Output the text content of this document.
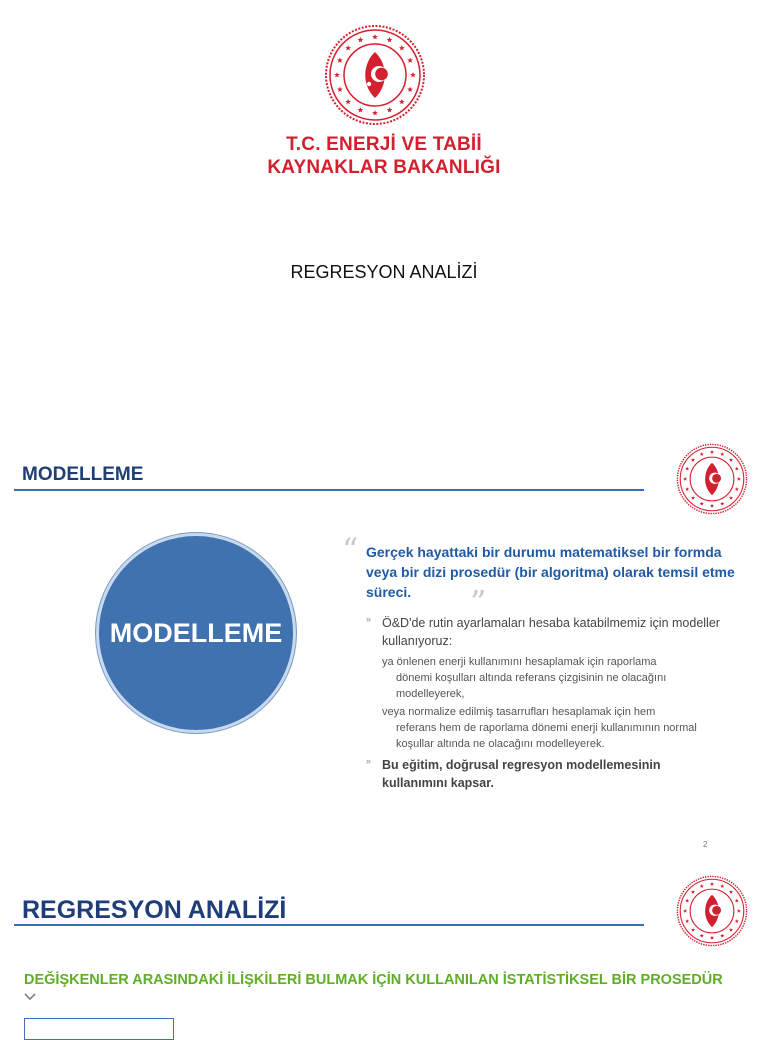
T.C. ENERJİ VE TABİİ
KAYNAKLAR BAKANLIĞI
REGRESYON ANALİZİ
MODELLEME
MODELLEME
“ Gerçek hayattaki bir durumu matematiksel bir formda veya bir dizi prosedür (bir algoritma) olarak temsil etme süreci.	”
» Ö&D'de rutin ayarlamaları hesaba katabilmemiz için modeller kullanıyoruz:
ya önlenen enerji kullanımını hesaplamak için raporlama
dönemi koşulları altında referans çizgisinin ne olacağını modelleyerek,
veya normalize edilmiş tasarrufları hesaplamak için hem
referans hem de raporlama dönemi enerji kullanımının normal koşullar altında ne olacağını modelleyerek.
» Bu eğitim, doğrusal regresyon modellemesinin kullanımını kapsar.
2
REGRESYON ANALİZİ
DEĞİŞKENLER ARASINDAKİ İLİŞKİLERİ BULMAK İÇİN KULLANILAN İSTATİSTİKSEL BİR PROSEDÜR
